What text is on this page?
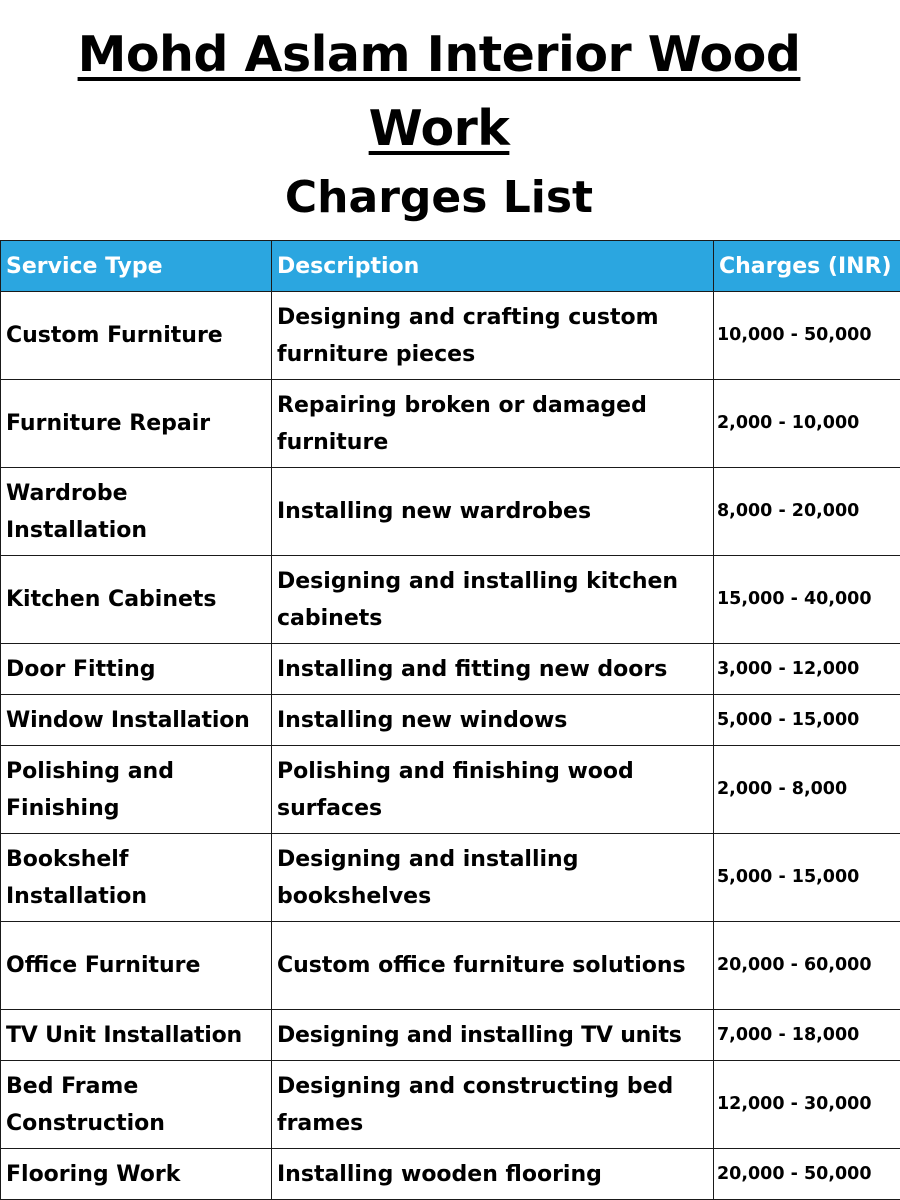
Mohd Aslam Interior Wood Work
Charges List
Service Type	Description	Charges (INR)
Custom Furniture	Designing and crafting custom furniture pieces	10,000 - 50,000
Furniture Repair	Repairing broken or damaged furniture	2,000 - 10,000
Wardrobe Installation	Installing new wardrobes	8,000 - 20,000
Kitchen Cabinets	Designing and installing kitchen cabinets	15,000 - 40,000
Door Fitting	Installing and fitting new doors	3,000 - 12,000
Window Installation	Installing new windows	5,000 - 15,000
Polishing and Finishing	Polishing and finishing wood surfaces	2,000 - 8,000
Bookshelf Installation	Designing and installing bookshelves	5,000 - 15,000
Office Furniture	Custom office furniture solutions	20,000 - 60,000
TV Unit Installation	Designing and installing TV units	7,000 - 18,000
Bed Frame Construction	Designing and constructing bed frames	12,000 - 30,000
Flooring Work	Installing wooden flooring	20,000 - 50,000
